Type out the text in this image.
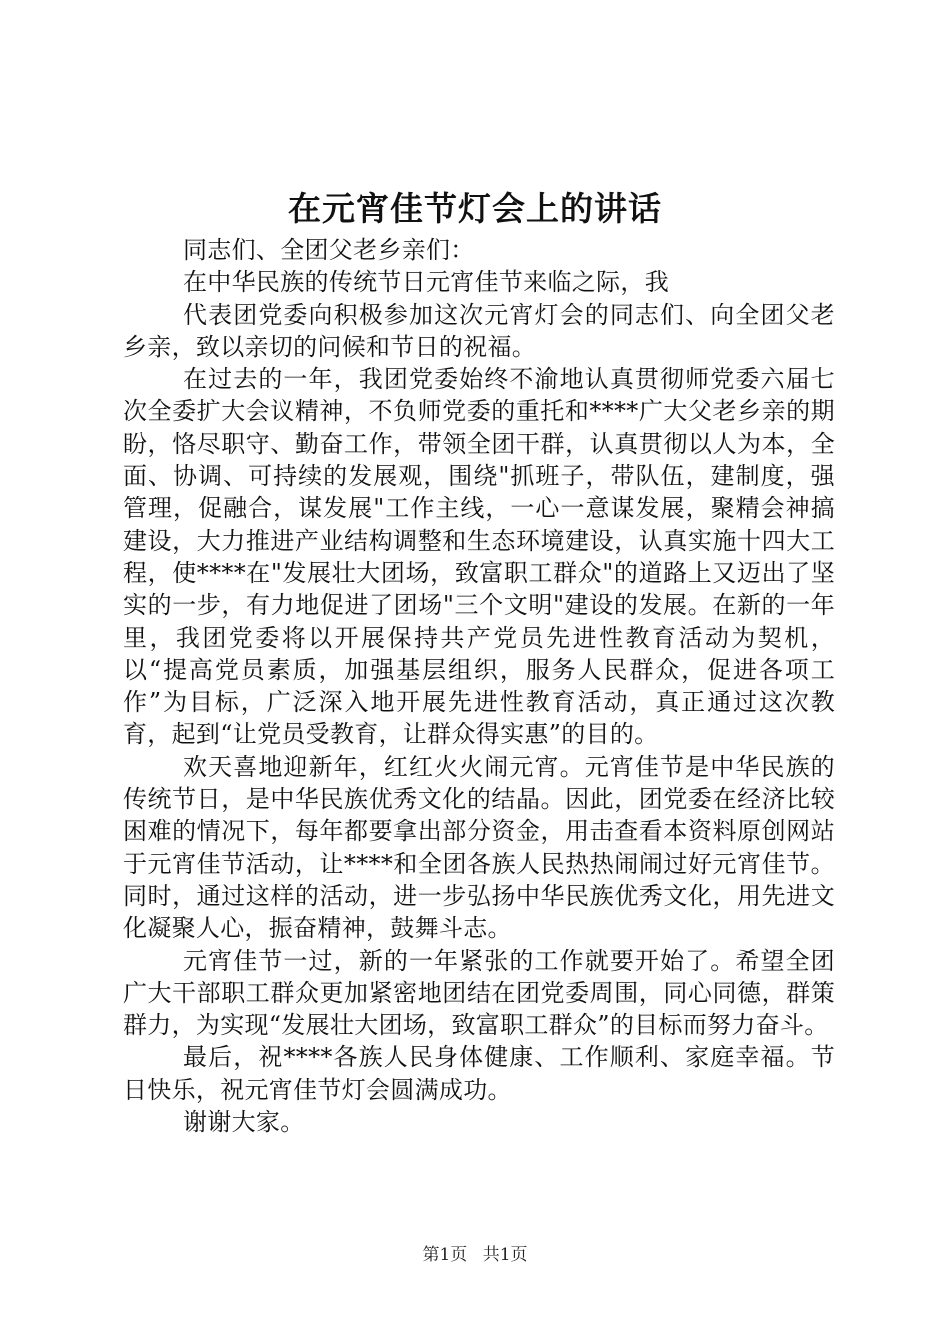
在元宵佳节灯会上的讲话

同志们、全团父老乡亲们：

在中华民族的传统节日元宵佳节来临之际，我

代表团党委向积极参加这次元宵灯会的同志们、向全团父老乡亲，致以亲切的问候和节日的祝福。

在过去的一年，我团党委始终不渝地认真贯彻师党委六届七次全委扩大会议精神，不负师党委的重托和****广大父老乡亲的期盼，恪尽职守、勤奋工作，带领全团干群，认真贯彻以人为本，全面、协调、可持续的发展观，围绕"抓班子，带队伍，建制度，强管理，促融合，谋发展"工作主线，一心一意谋发展，聚精会神搞建设，大力推进产业结构调整和生态环境建设，认真实施十四大工程，使****在"发展壮大团场，致富职工群众"的道路上又迈出了坚实的一步，有力地促进了团场"三个文明"建设的发展。在新的一年里，我团党委将以开展保持共产党员先进性教育活动为契机，以“提高党员素质，加强基层组织，服务人民群众，促进各项工作”为目标，广泛深入地开展先进性教育活动，真正通过这次教育，起到“让党员受教育，让群众得实惠”的目的。

欢天喜地迎新年，红红火火闹元宵。元宵佳节是中华民族的传统节日，是中华民族优秀文化的结晶。因此，团党委在经济比较困难的情况下，每年都要拿出部分资金，用击查看本资料原创网站于元宵佳节活动，让****和全团各族人民热热闹闹过好元宵佳节。同时，通过这样的活动，进一步弘扬中华民族优秀文化，用先进文化凝聚人心，振奋精神，鼓舞斗志。

元宵佳节一过，新的一年紧张的工作就要开始了。希望全团广大干部职工群众更加紧密地团结在团党委周围，同心同德，群策群力，为实现“发展壮大团场，致富职工群众”的目标而努力奋斗。

最后，祝****各族人民身体健康、工作顺利、家庭幸福。节日快乐，祝元宵佳节灯会圆满成功。

谢谢大家。

第1页 共1页
